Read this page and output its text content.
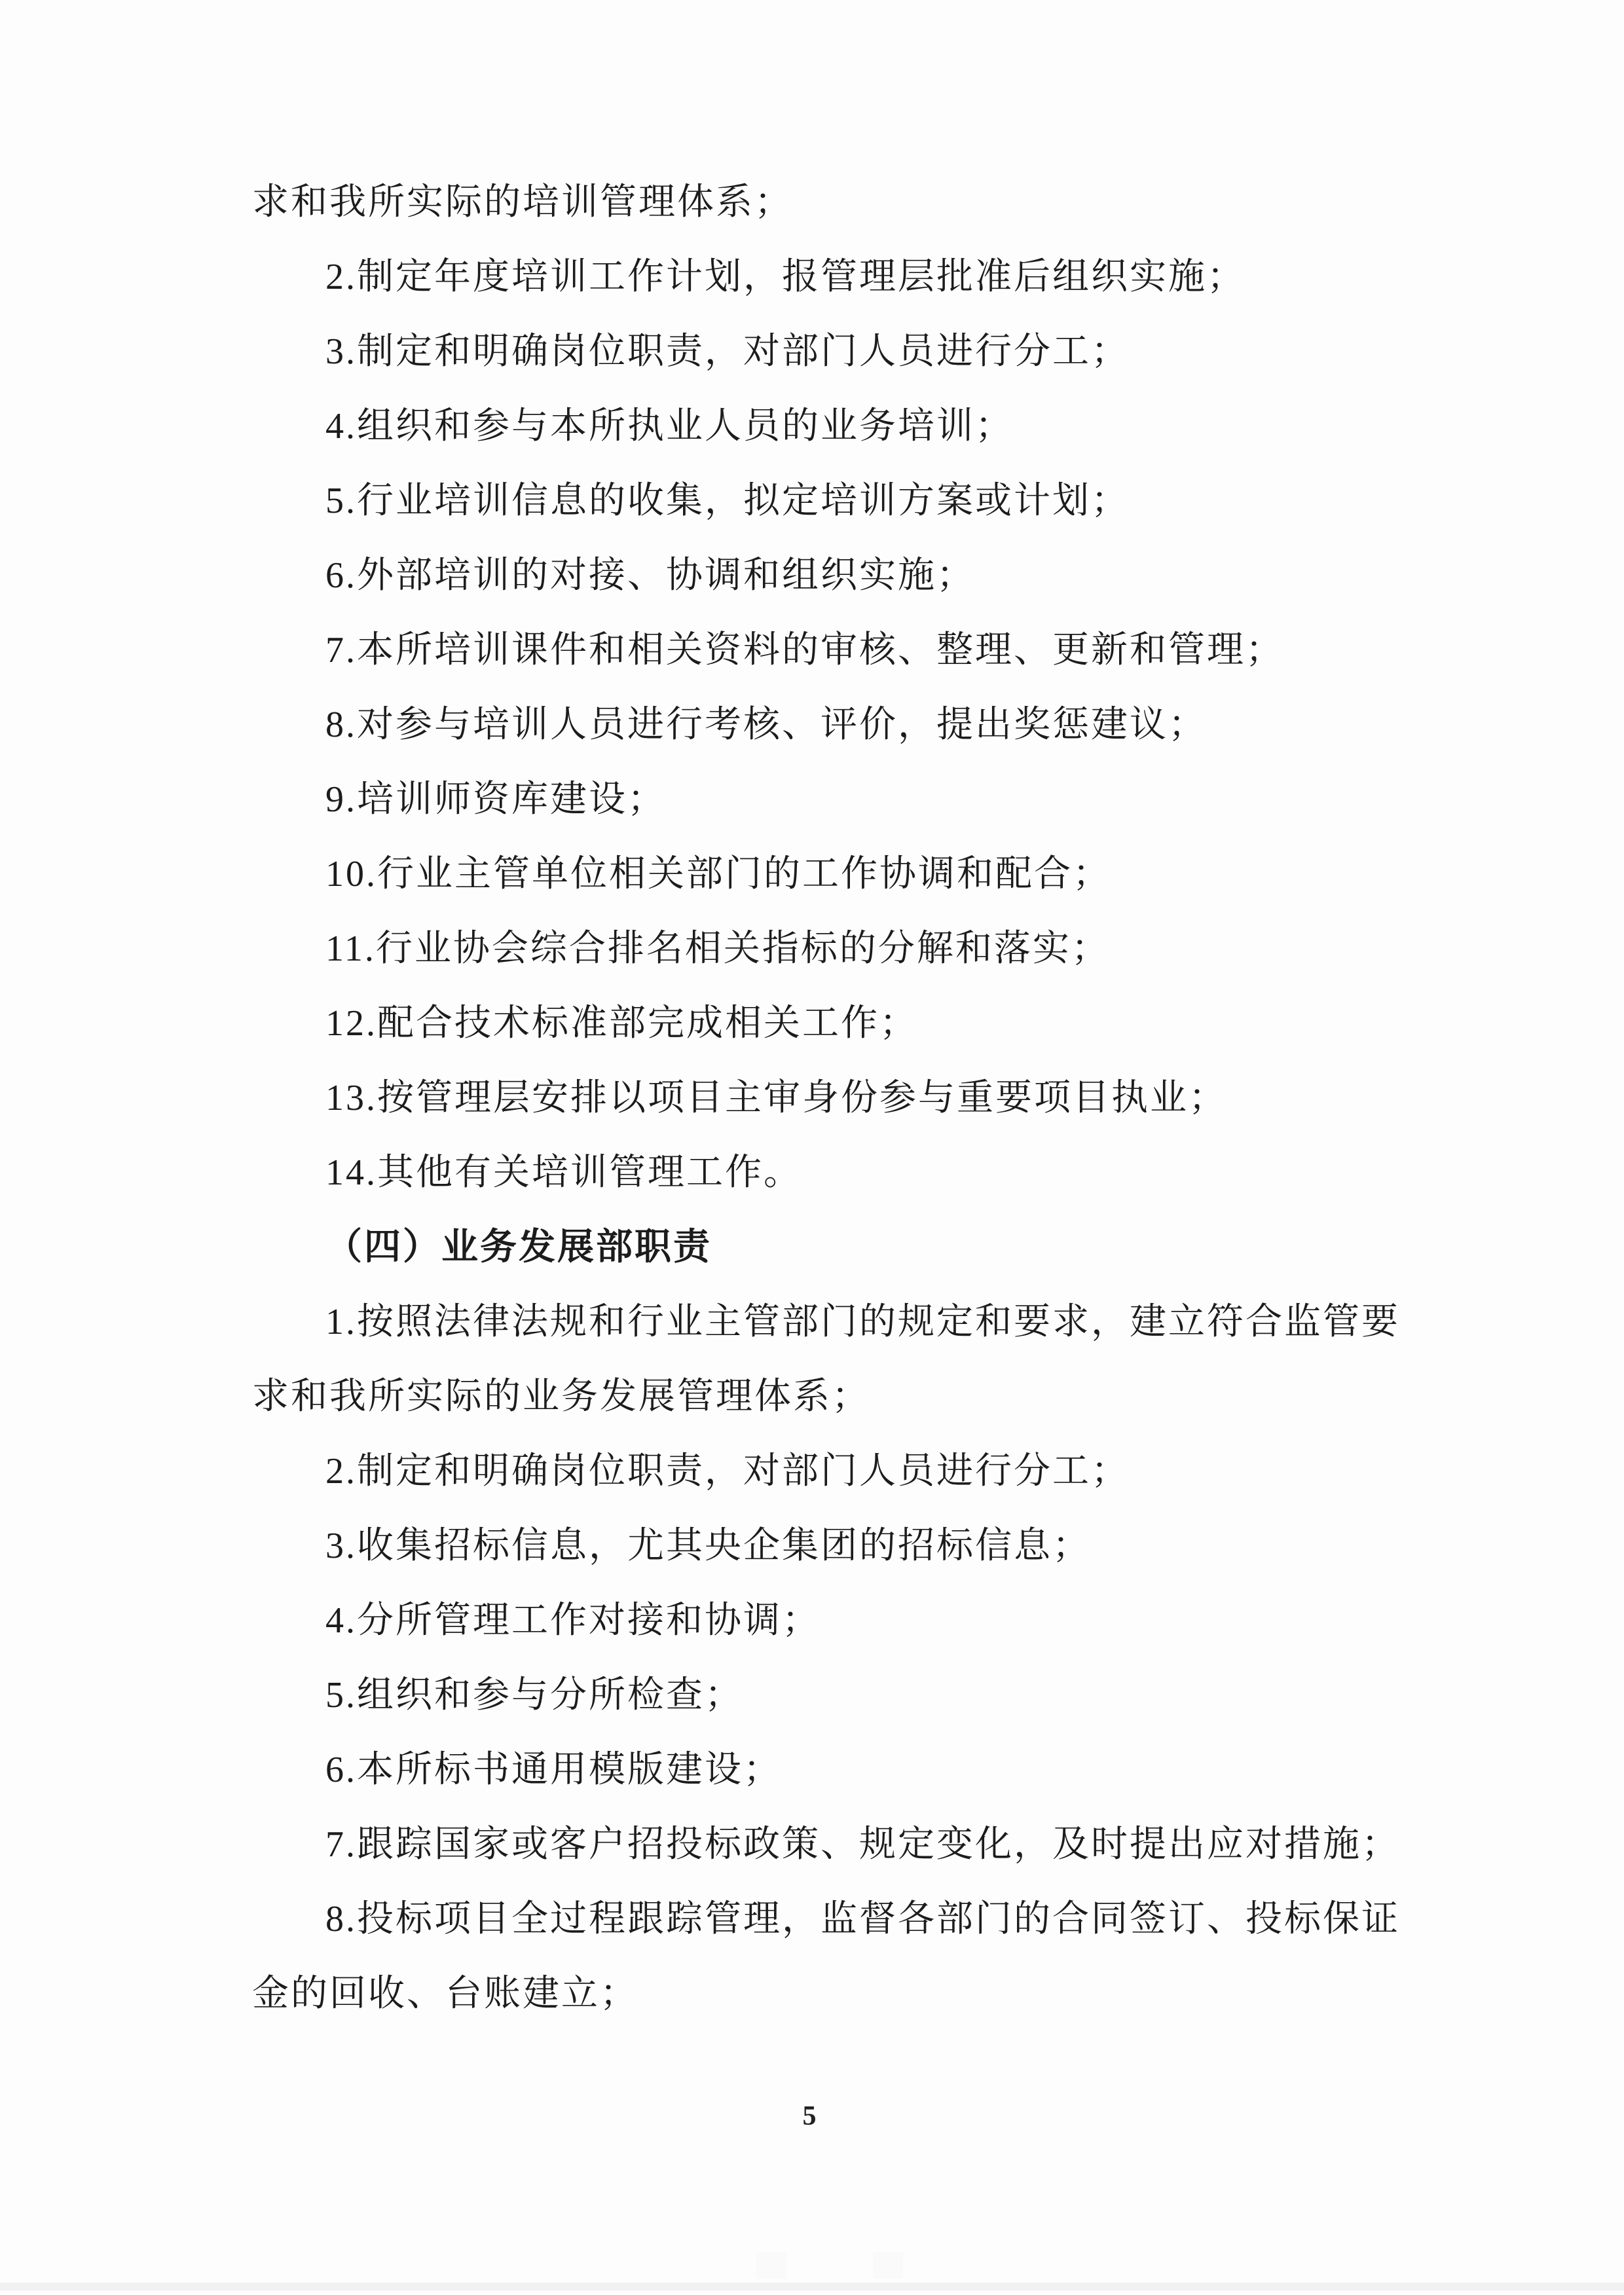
求和我所实际的培训管理体系；
2.制定年度培训工作计划，报管理层批准后组织实施；
3.制定和明确岗位职责，对部门人员进行分工；
4.组织和参与本所执业人员的业务培训；
5.行业培训信息的收集，拟定培训方案或计划；
6.外部培训的对接、协调和组织实施；
7.本所培训课件和相关资料的审核、整理、更新和管理；
8.对参与培训人员进行考核、评价，提出奖惩建议；
9.培训师资库建设；
10.行业主管单位相关部门的工作协调和配合；
11.行业协会综合排名相关指标的分解和落实；
12.配合技术标准部完成相关工作；
13.按管理层安排以项目主审身份参与重要项目执业；
14.其他有关培训管理工作。
（四）业务发展部职责
1.按照法律法规和行业主管部门的规定和要求，建立符合监管要
求和我所实际的业务发展管理体系；
2.制定和明确岗位职责，对部门人员进行分工；
3.收集招标信息，尤其央企集团的招标信息；
4.分所管理工作对接和协调；
5.组织和参与分所检查；
6.本所标书通用模版建设；
7.跟踪国家或客户招投标政策、规定变化，及时提出应对措施；
8.投标项目全过程跟踪管理，监督各部门的合同签订、投标保证
金的回收、台账建立；
5
